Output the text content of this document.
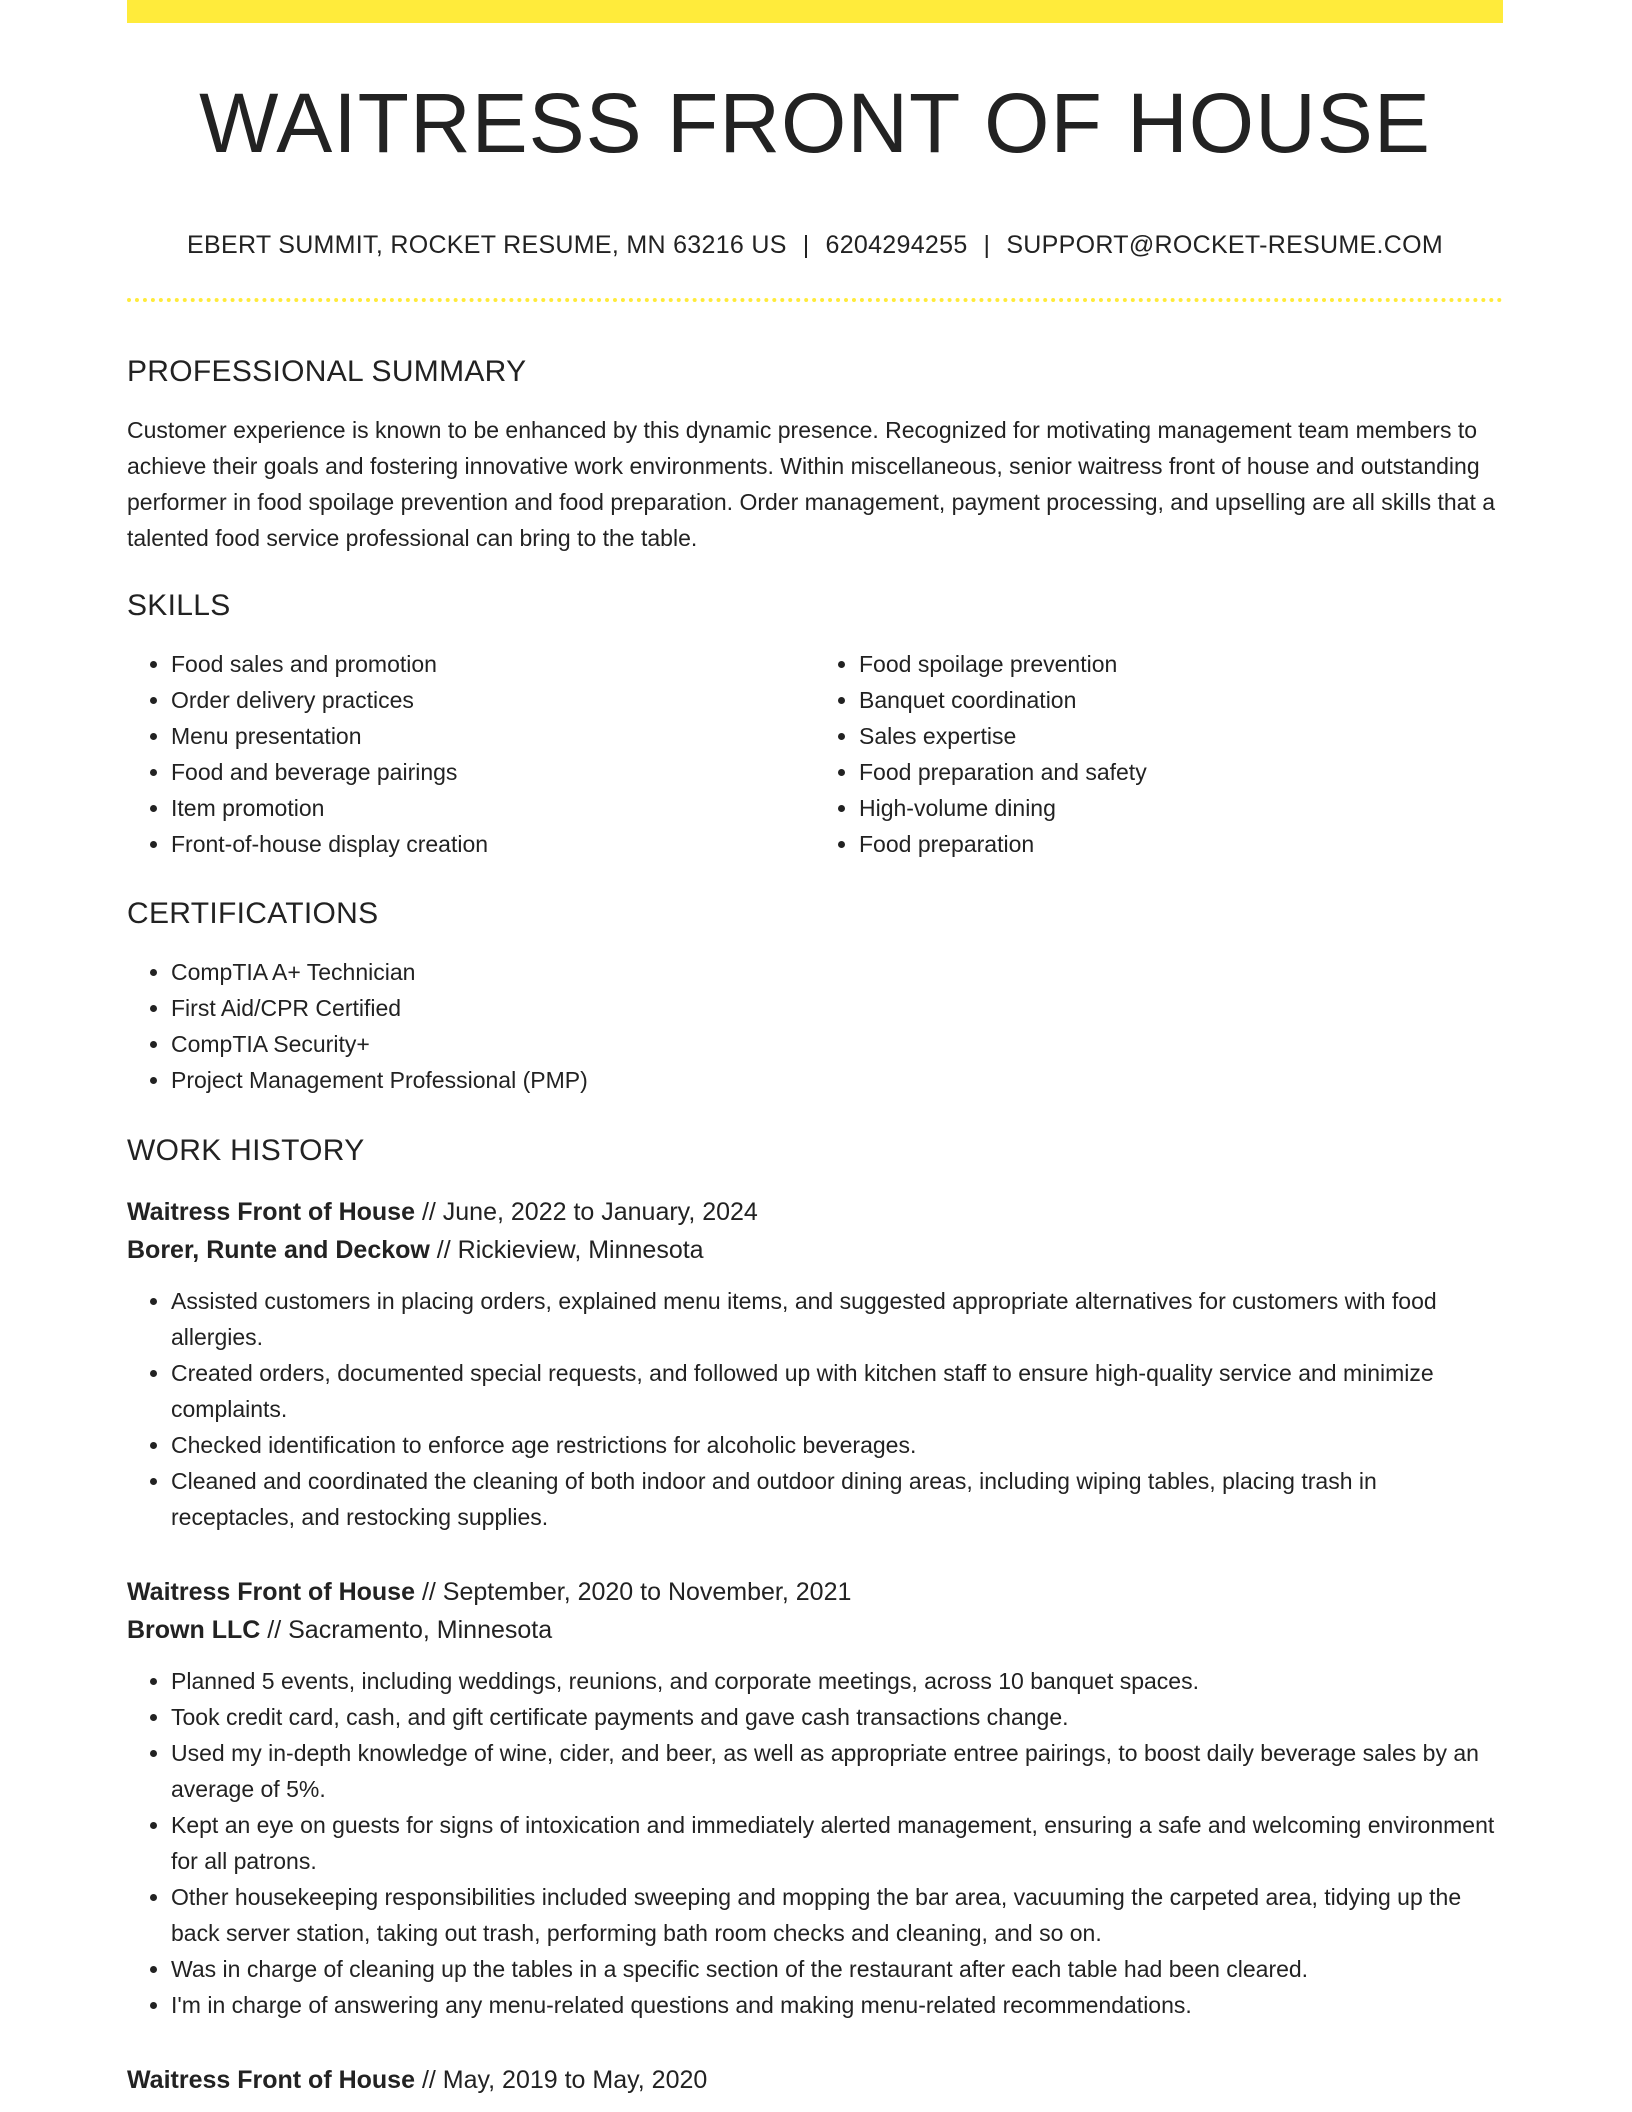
WAITRESS FRONT OF HOUSE
EBERT SUMMIT, ROCKET RESUME, MN 63216 US | 6204294255 | SUPPORT@ROCKET-RESUME.COM
PROFESSIONAL SUMMARY

Customer experience is known to be enhanced by this dynamic presence. Recognized for motivating management team members to achieve their goals and fostering innovative work environments. Within miscellaneous, senior waitress front of house and outstanding performer in food spoilage prevention and food preparation. Order management, payment processing, and upselling are all skills that a talented food service professional can bring to the table.

SKILLS
• Food sales and promotion
• Order delivery practices
• Menu presentation
• Food and beverage pairings
• Item promotion
• Front-of-house display creation
• Food spoilage prevention
• Banquet coordination
• Sales expertise
• Food preparation and safety
• High-volume dining
• Food preparation
CERTIFICATIONS
• CompTIA A+ Technician
• First Aid/CPR Certified
• CompTIA Security+
• Project Management Professional (PMP)
WORK HISTORY
Waitress Front of House // June, 2022 to January, 2024
Borer, Runte and Deckow // Rickieview, Minnesota
• Assisted customers in placing orders, explained menu items, and suggested appropriate alternatives for customers with food allergies.
• Created orders, documented special requests, and followed up with kitchen staff to ensure high-quality service and minimize complaints.
• Checked identification to enforce age restrictions for alcoholic beverages.
• Cleaned and coordinated the cleaning of both indoor and outdoor dining areas, including wiping tables, placing trash in receptacles, and restocking supplies.
Waitress Front of House // September, 2020 to November, 2021
Brown LLC // Sacramento, Minnesota
• Planned 5 events, including weddings, reunions, and corporate meetings, across 10 banquet spaces.
• Took credit card, cash, and gift certificate payments and gave cash transactions change.
• Used my in-depth knowledge of wine, cider, and beer, as well as appropriate entree pairings, to boost daily beverage sales by an average of 5%.
• Kept an eye on guests for signs of intoxication and immediately alerted management, ensuring a safe and welcoming environment for all patrons.
• Other housekeeping responsibilities included sweeping and mopping the bar area, vacuuming the carpeted area, tidying up the back server station, taking out trash, performing bath room checks and cleaning, and so on.
• Was in charge of cleaning up the tables in a specific section of the restaurant after each table had been cleared.
• I'm in charge of answering any menu-related questions and making menu-related recommendations.
Waitress Front of House // May, 2019 to May, 2020
